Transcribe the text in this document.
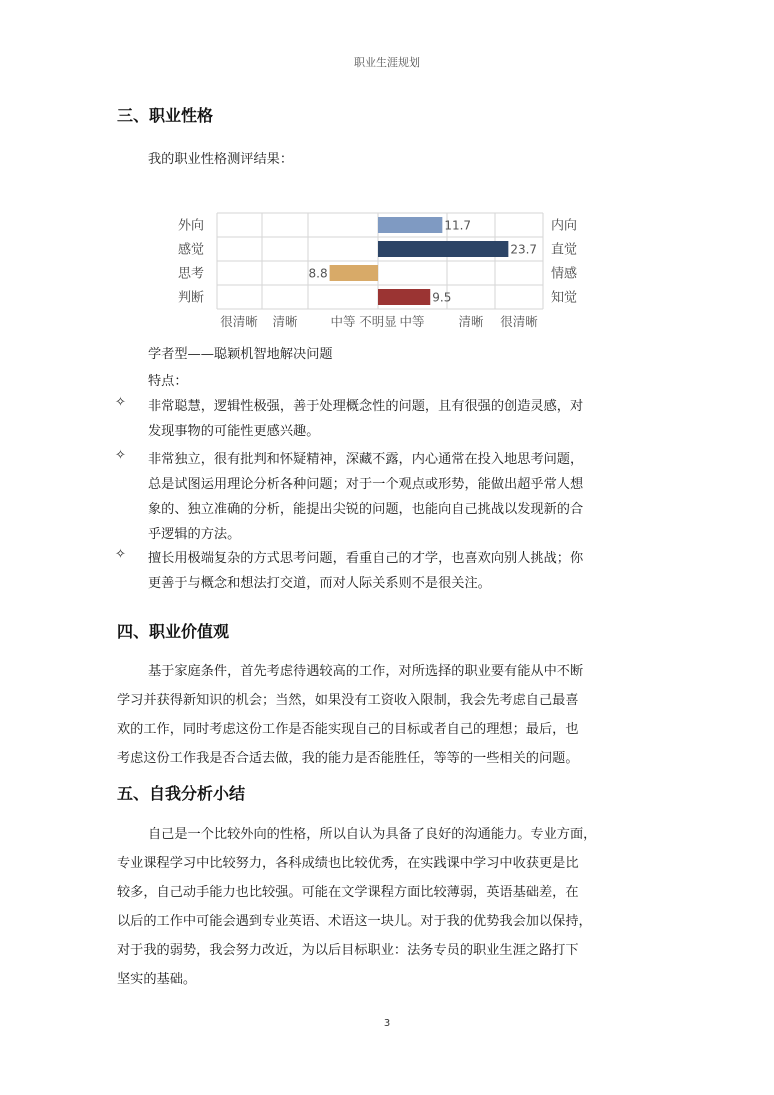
职业生涯规划
三、职业性格
我的职业性格测评结果：
外向	内向
11.7
感觉	直觉
23.7
思考	情感
8.8
判断	知觉
9.5
很清晰 清晰	中等 不明显 中等	清晰 很清晰
学者型——聪颖机智地解决问题
特点：
✧ 非常聪慧，逻辑性极强，善于处理概念性的问题，且有很强的创造灵感，对
发现事物的可能性更感兴趣。
✧ 非常独立，很有批判和怀疑精神，深藏不露，内心通常在投入地思考问题，
总是试图运用理论分析各种问题；对于一个观点或形势，能做出超乎常人想
象的、独立准确的分析，能提出尖锐的问题，也能向自己挑战以发现新的合
乎逻辑的方法。
✧ 擅长用极端复杂的方式思考问题，看重自己的才学，也喜欢向别人挑战；你
更善于与概念和想法打交道，而对人际关系则不是很关注。
四、职业价值观
基于家庭条件，首先考虑待遇较高的工作，对所选择的职业要有能从中不断
学习并获得新知识的机会；当然，如果没有工资收入限制，我会先考虑自己最喜
欢的工作，同时考虑这份工作是否能实现自己的目标或者自己的理想；最后，也
考虑这份工作我是否合适去做，我的能力是否能胜任，等等的一些相关的问题。
五、自我分析小结
自己是一个比较外向的性格，所以自认为具备了良好的沟通能力。专业方面，
专业课程学习中比较努力，各科成绩也比较优秀，在实践课中学习中收获更是比
较多，自己动手能力也比较强。可能在文学课程方面比较薄弱，英语基础差，在
以后的工作中可能会遇到专业英语、术语这一块儿。对于我的优势我会加以保持，
对于我的弱势，我会努力改近，为以后目标职业：法务专员的职业生涯之路打下
坚实的基础。
3
